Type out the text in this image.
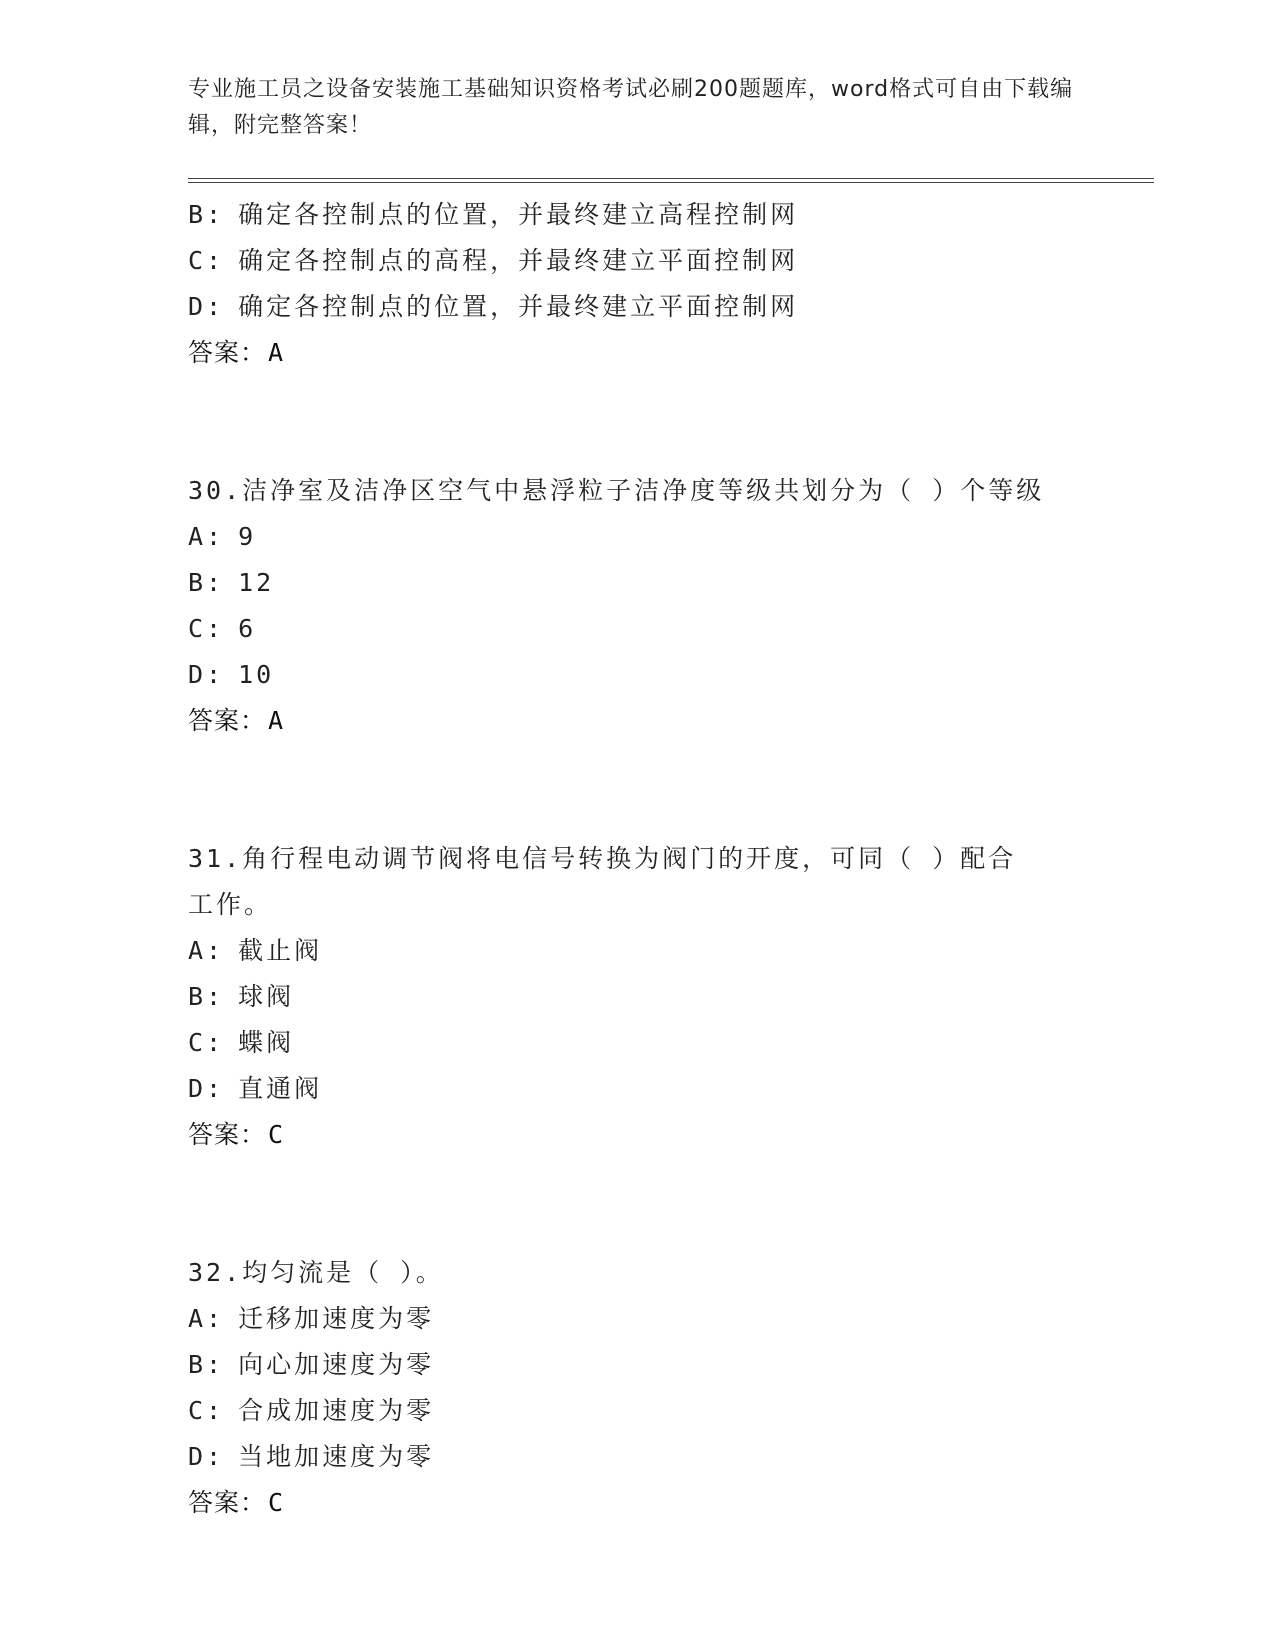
专业施工员之设备安装施工基础知识资格考试必刷200题题库，word格式可自由下载编辑，附完整答案！
B: 确定各控制点的位置，并最终建立高程控制网
C: 确定各控制点的高程，并最终建立平面控制网
D: 确定各控制点的位置，并最终建立平面控制网
答案：A
30.洁净室及洁净区空气中悬浮粒子洁净度等级共划分为（ ）个等级
A: 9
B: 12
C: 6
D: 10
答案：A
31.角行程电动调节阀将电信号转换为阀门的开度，可同（ ）配合工作。
A: 截止阀
B: 球阀
C: 蝶阀
D: 直通阀
答案：C
32.均匀流是（ ）。
A: 迁移加速度为零
B: 向心加速度为零
C: 合成加速度为零
D: 当地加速度为零
答案：C
